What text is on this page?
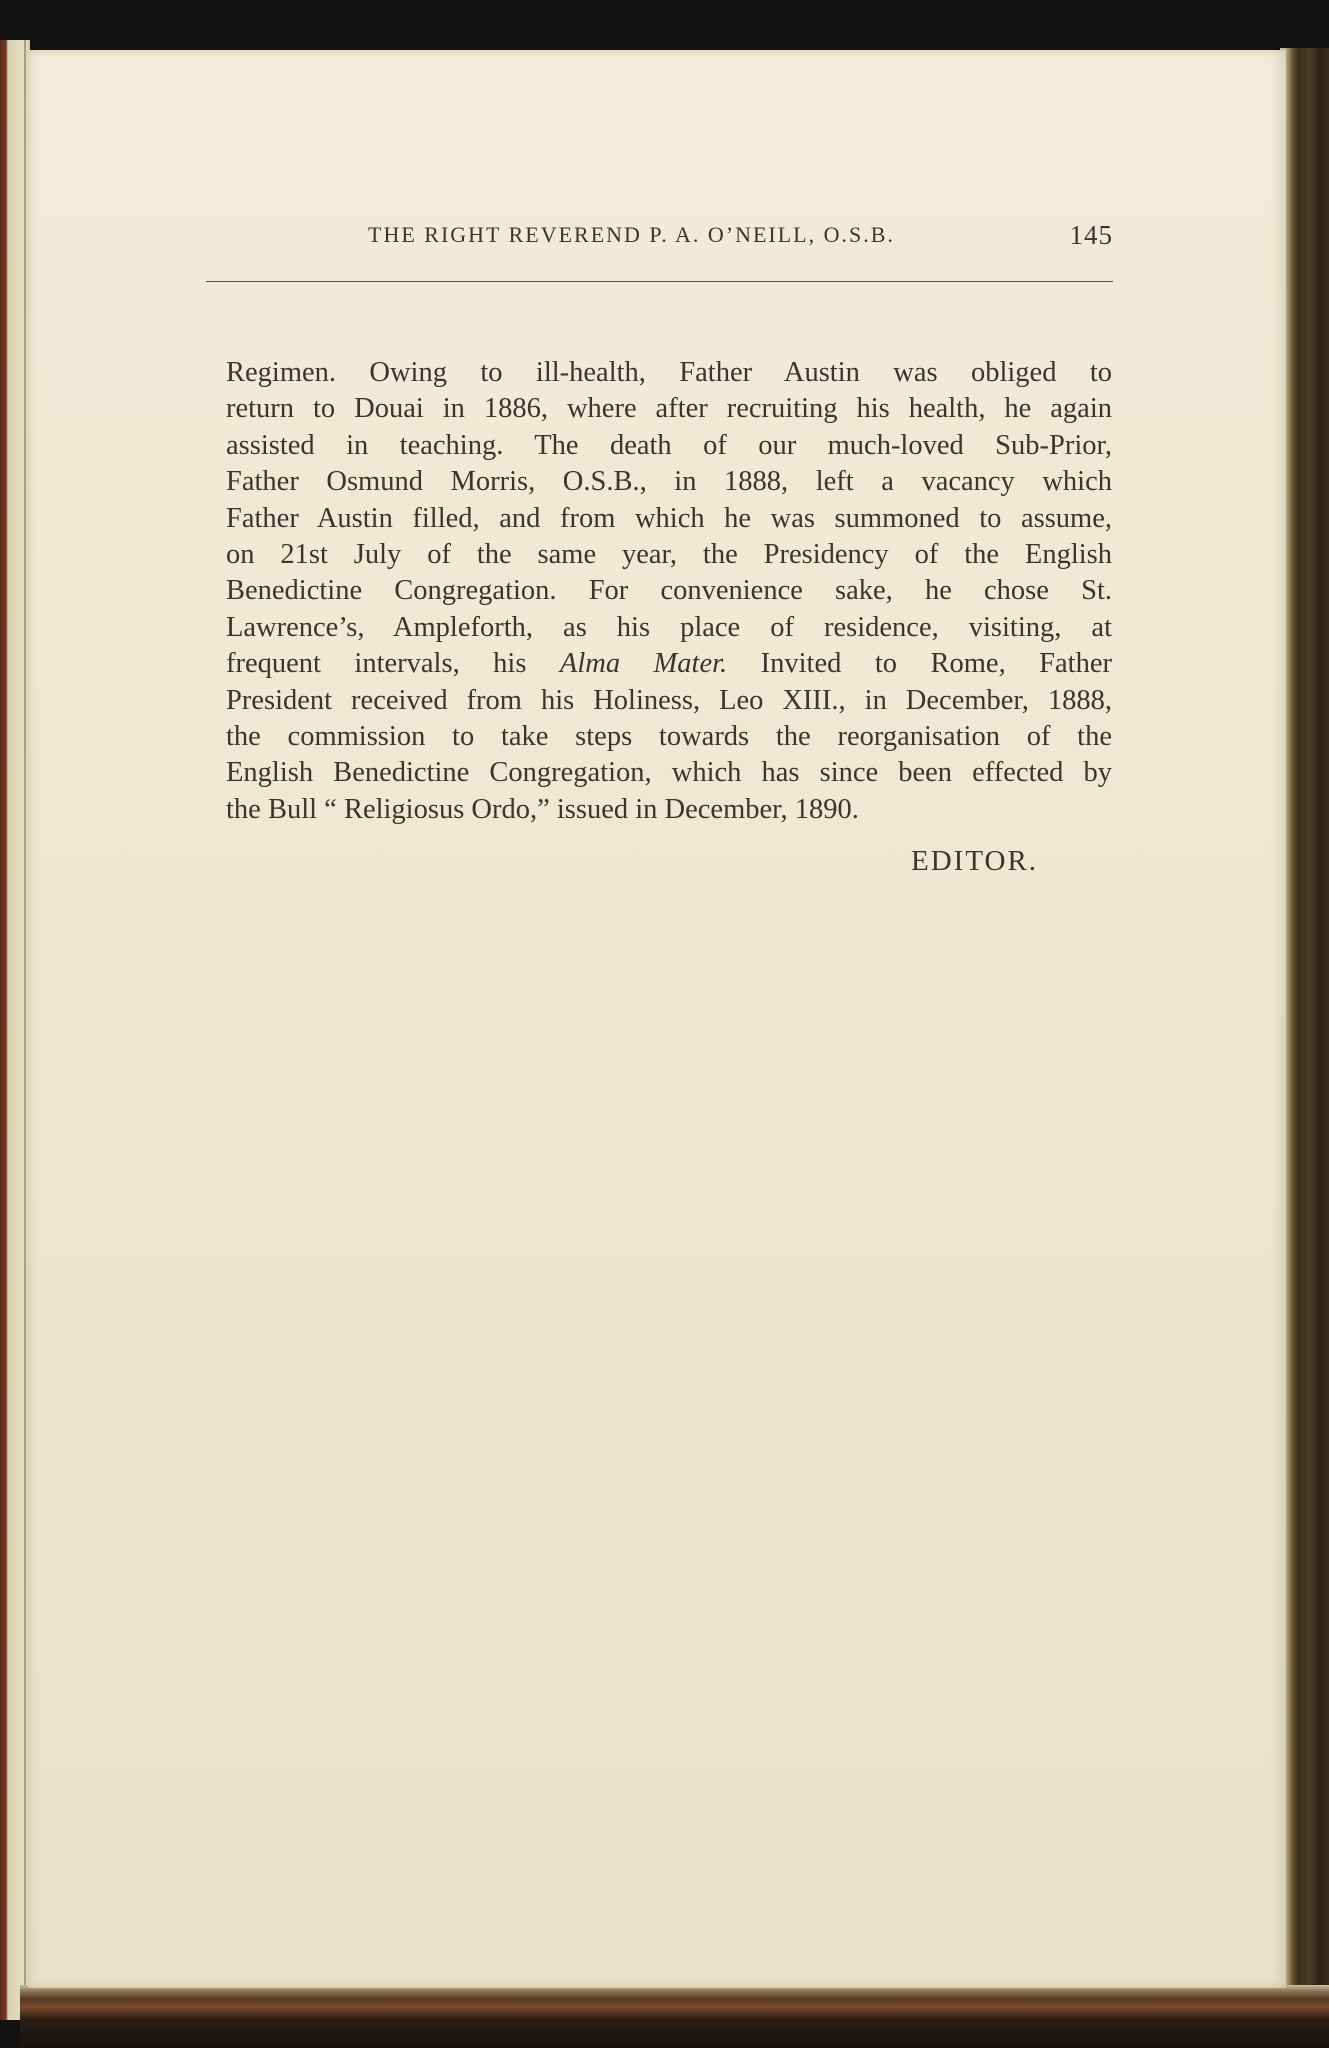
THE RIGHT REVEREND P. A. O’NEILL, O.S.B.	145
Regimen. Owing to ill-health, Father Austin was obliged to
return to Douai in 1886, where after recruiting his health, he again
assisted in teaching. The death of our much-loved Sub-Prior,
Father Osmund Morris, O.S.B., in 1888, left a vacancy which
Father Austin filled, and from which he was summoned to assume,
on 21st July of the same year, the Presidency of the English
Benedictine Congregation. For convenience sake, he chose St.
Lawrence’s, Ampleforth, as his place of residence, visiting, at
frequent intervals, his Alma Mater. Invited to Rome, Father
President received from his Holiness, Leo XIII., in December, 1888,
the commission to take steps towards the reorganisation of the
English Benedictine Congregation, which has since been effected by
the Bull “ Religiosus Ordo,” issued in December, 1890.
EDITOR.
